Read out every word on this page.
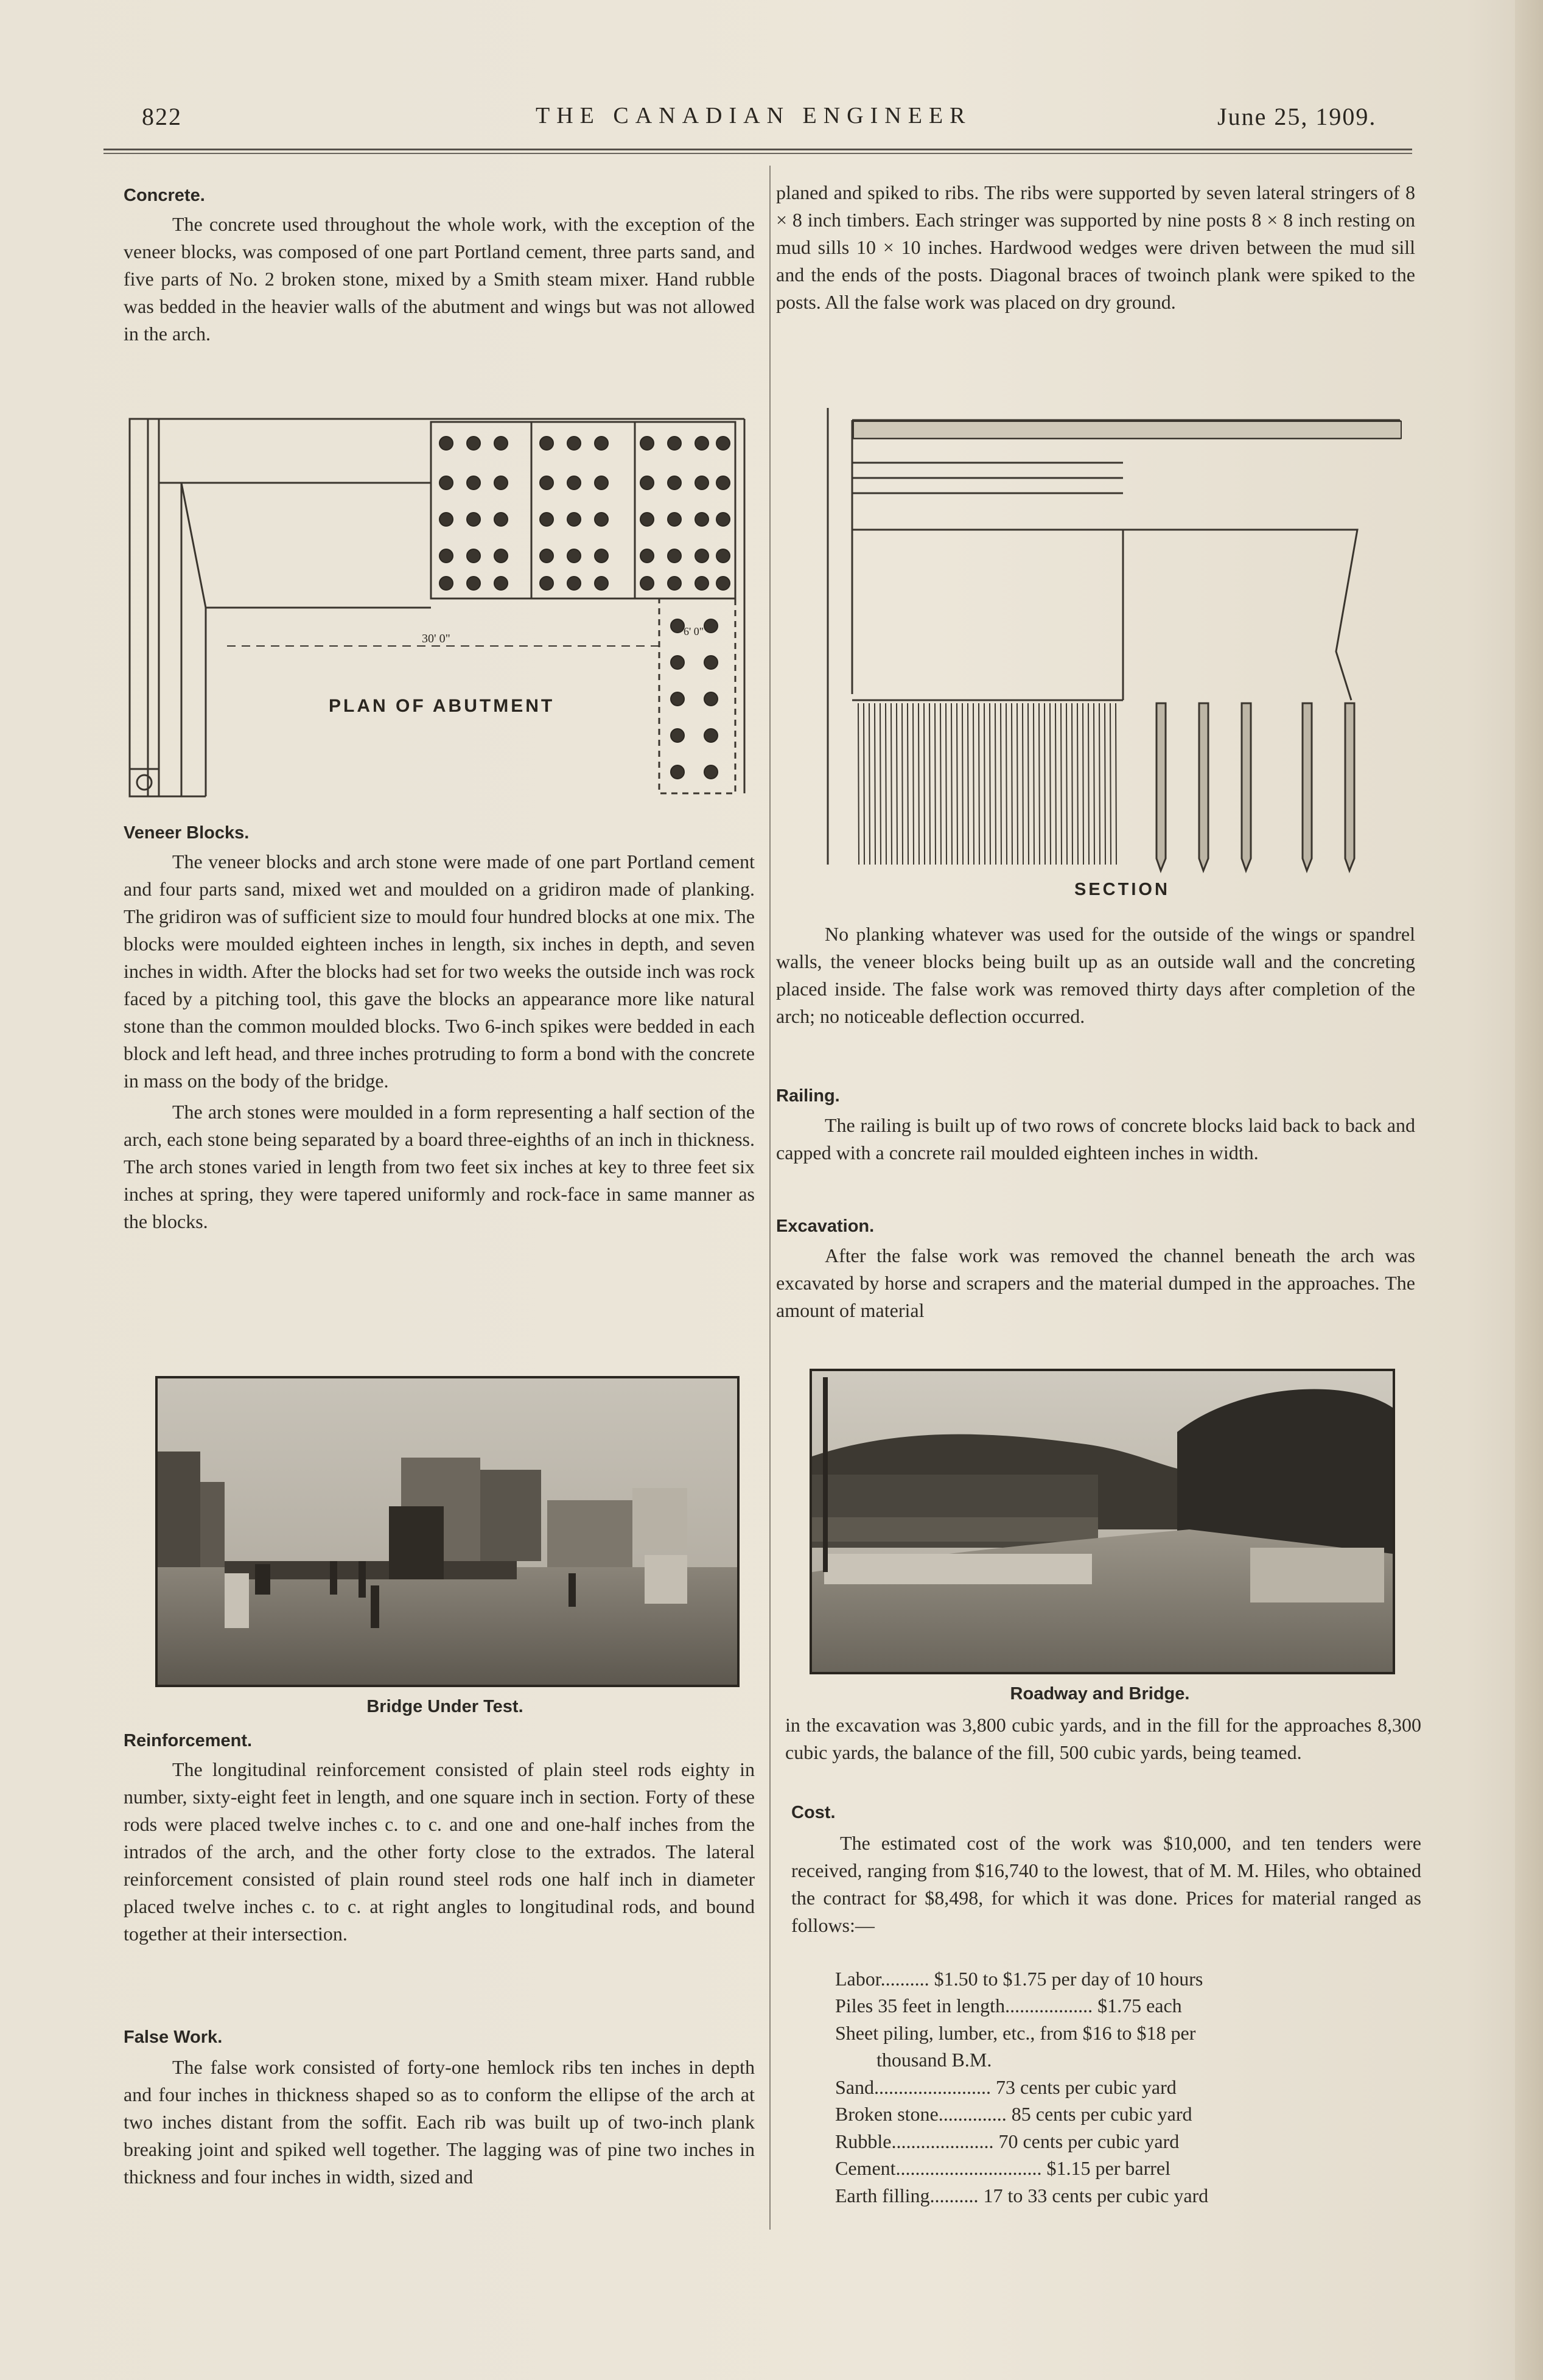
822	THE CANADIAN ENGINEER	June 25, 1909.
Concrete.

The concrete used throughout the whole work, with the exception of the veneer blocks, was composed of one part Portland cement, three parts sand, and five parts of No. 2 broken stone, mixed by a Smith steam mixer. Hand rubble was bedded in the heavier walls of the abutment and wings but was not allowed in the arch.

PLAN OF ABUTMENT
30' 0"
6' 0"
Veneer Blocks.

The veneer blocks and arch stone were made of one part Portland cement and four parts sand, mixed wet and moulded on a gridiron made of planking. The gridiron was of sufficient size to mould four hundred blocks at one mix. The blocks were moulded eighteen inches in length, six inches in depth, and seven inches in width. After the blocks had set for two weeks the outside inch was rock faced by a pitching tool, this gave the blocks an appearance more like natural stone than the common moulded blocks. Two 6-inch spikes were bedded in each block and left head, and three inches protruding to form a bond with the concrete in mass on the body of the bridge.

The arch stones were moulded in a form representing a half section of the arch, each stone being separated by a board three-eighths of an inch in thickness. The arch stones varied in length from two feet six inches at key to three feet six inches at spring, they were tapered uniformly and rock-face in same manner as the blocks.

Bridge Under Test.
Reinforcement.

The longitudinal reinforcement consisted of plain steel rods eighty in number, sixty-eight feet in length, and one square inch in section. Forty of these rods were placed twelve inches c. to c. and one and one-half inches from the intrados of the arch, and the other forty close to the extrados. The lateral reinforcement consisted of plain round steel rods one half inch in diameter placed twelve inches c. to c. at right angles to longitudinal rods, and bound together at their intersection.

False Work.

The false work consisted of forty-one hemlock ribs ten inches in depth and four inches in thickness shaped so as to conform the ellipse of the arch at two inches distant from the soffit. Each rib was built up of two-inch plank breaking joint and spiked well together. The lagging was of pine two inches in thickness and four inches in width, sized and

planed and spiked to ribs. The ribs were supported by seven lateral stringers of 8 × 8 inch timbers. Each stringer was supported by nine posts 8 × 8 inch resting on mud sills 10 × 10 inches. Hardwood wedges were driven between the mud sill and the ends of the posts. Diagonal braces of twoinch plank were spiked to the posts. All the false work was placed on dry ground.

SECTION

No planking whatever was used for the outside of the wings or spandrel walls, the veneer blocks being built up as an outside wall and the concreting placed inside. The false work was removed thirty days after completion of the arch; no noticeable deflection occurred.

Railing.

The railing is built up of two rows of concrete blocks laid back to back and capped with a concrete rail moulded eighteen inches in width.

Excavation.

After the false work was removed the channel beneath the arch was excavated by horse and scrapers and the material dumped in the approaches. The amount of material

Roadway and Bridge.

in the excavation was 3,800 cubic yards, and in the fill for the approaches 8,300 cubic yards, the balance of the fill, 500 cubic yards, being teamed.

Cost.

The estimated cost of the work was $10,000, and ten tenders were received, ranging from $16,740 to the lowest, that of M. M. Hiles, who obtained the contract for $8,498, for which it was done. Prices for material ranged as follows:—

Labor.......... $1.50 to $1.75 per day of 10 hours
Piles 35 feet in length.................. $1.75 each
Sheet piling, lumber, etc., from $16 to $18 per
thousand B.M.
Sand........................ 73 cents per cubic yard
Broken stone.............. 85 cents per cubic yard
Rubble..................... 70 cents per cubic yard
Cement.............................. $1.15 per barrel
Earth filling.......... 17 to 33 cents per cubic yard
